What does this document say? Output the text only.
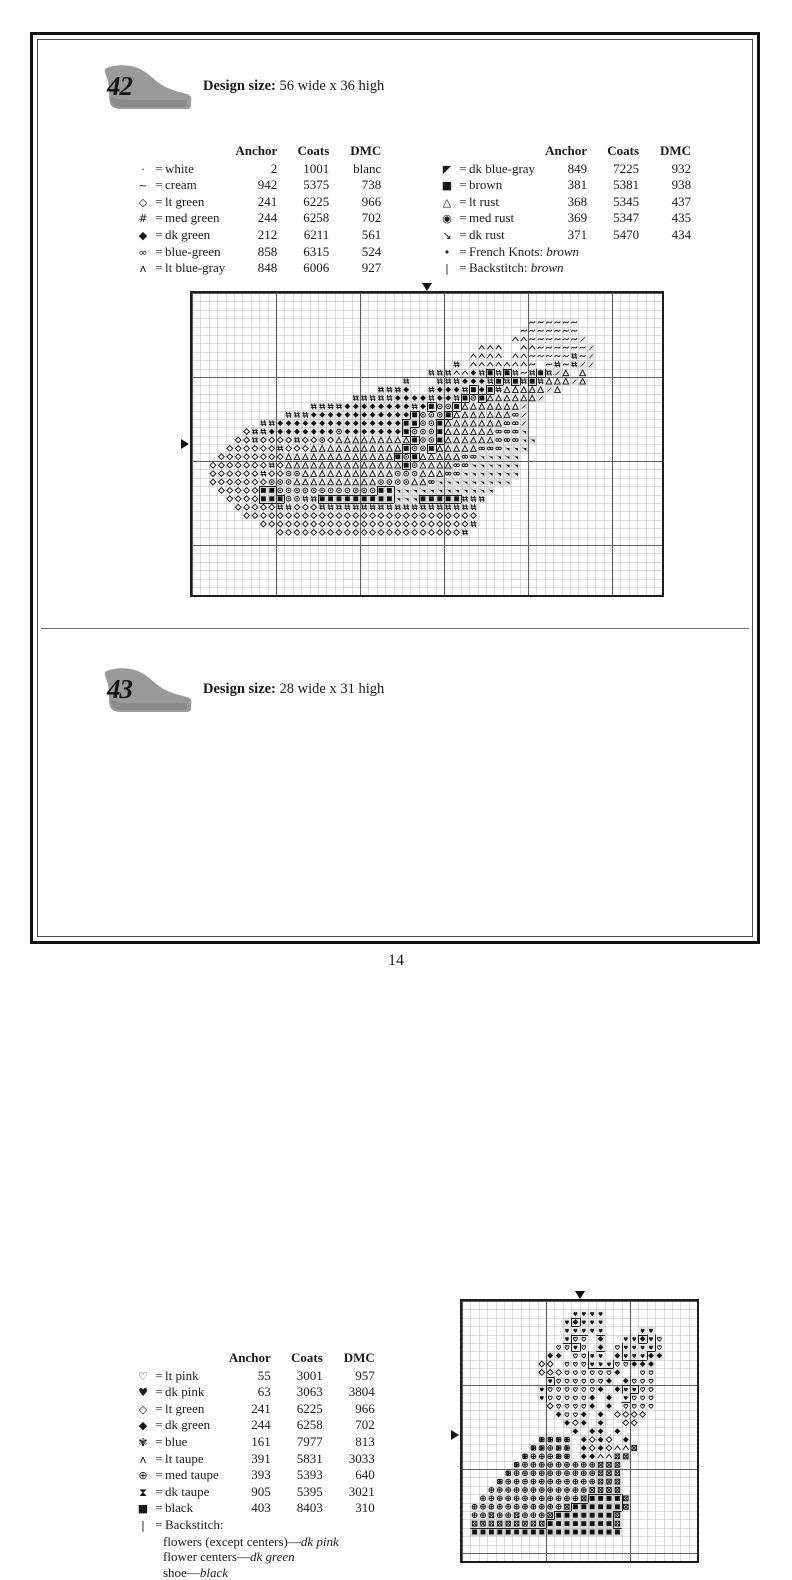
42	Design size: 56 wide x 36 high
			Anchor	Coats	DMC
·	=	white	2	1001	blanc
~	=	cream	942	5375	738
◇	=	lt green	241	6225	966
#	=	med green	244	6258	702
◆	=	dk green	212	6211	561
∞	=	blue-green	858	6315	524
ʌ	=	lt blue-gray	848	6006	927
			Anchor	Coats	DMC
◤	=	dk blue-gray	849	7225	932
■	=	brown	381	5381	938
△	=	lt rust	368	5345	437
◉	=	med rust	369	5347	435
↘	=	dk rust	371	5470	434
•	=	French Knots: brown			
|	=	Backstitch: brown			
43	Design size: 28 wide x 31 high
			Anchor	Coats	DMC
♡	=	lt pink	55	3001	957
♥	=	dk pink	63	3063	3804
◇	=	lt green	241	6225	966
◆	=	dk green	244	6258	702
✾	=	blue	161	7977	813
ʌ	=	lt taupe	391	5831	3033
⊕	=	med taupe	393	5393	640
⧗	=	dk taupe	905	5395	3021
■	=	black	403	8403	310
|	=	Backstitch:			

flowers (except centers)—dk pink
flower centers—dk green
shoe—black					
14
